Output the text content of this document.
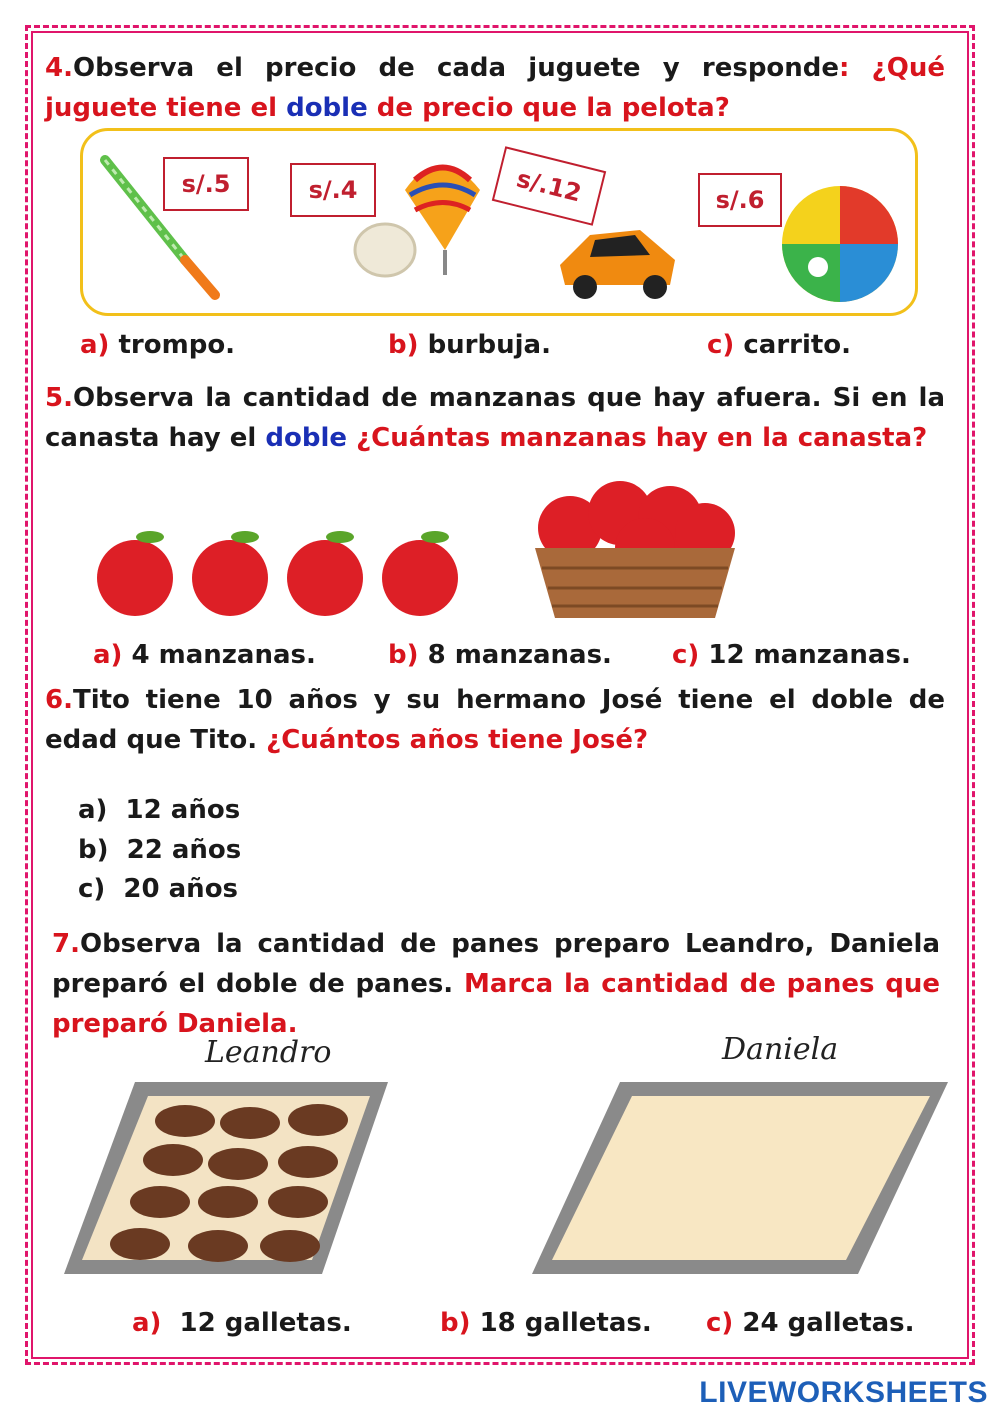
4.Observa el precio de cada juguete y responde: ¿Qué juguete tiene el doble de precio que la pelota?
s/.5	s/.4	s/.12	s/.6
a) trompo.	b) burbuja.	c) carrito.
5.Observa la cantidad de manzanas que hay afuera. Si en la canasta hay el doble ¿Cuántas manzanas hay en la canasta?
a) 4 manzanas.	b) 8 manzanas. c) 12 manzanas.
6.Tito tiene 10 años y su hermano José tiene el doble de edad que Tito. ¿Cuántos años tiene José?
a) 12 años
b) 22 años
c) 20 años
7.Observa la cantidad de panes preparo Leandro, Daniela preparó el doble de panes. Marca la cantidad de panes que preparó Daniela.
Leandro	Daniela
a) 12 galletas.	b) 18 galletas. c) 24 galletas.
LIVEWORKSHEETS
